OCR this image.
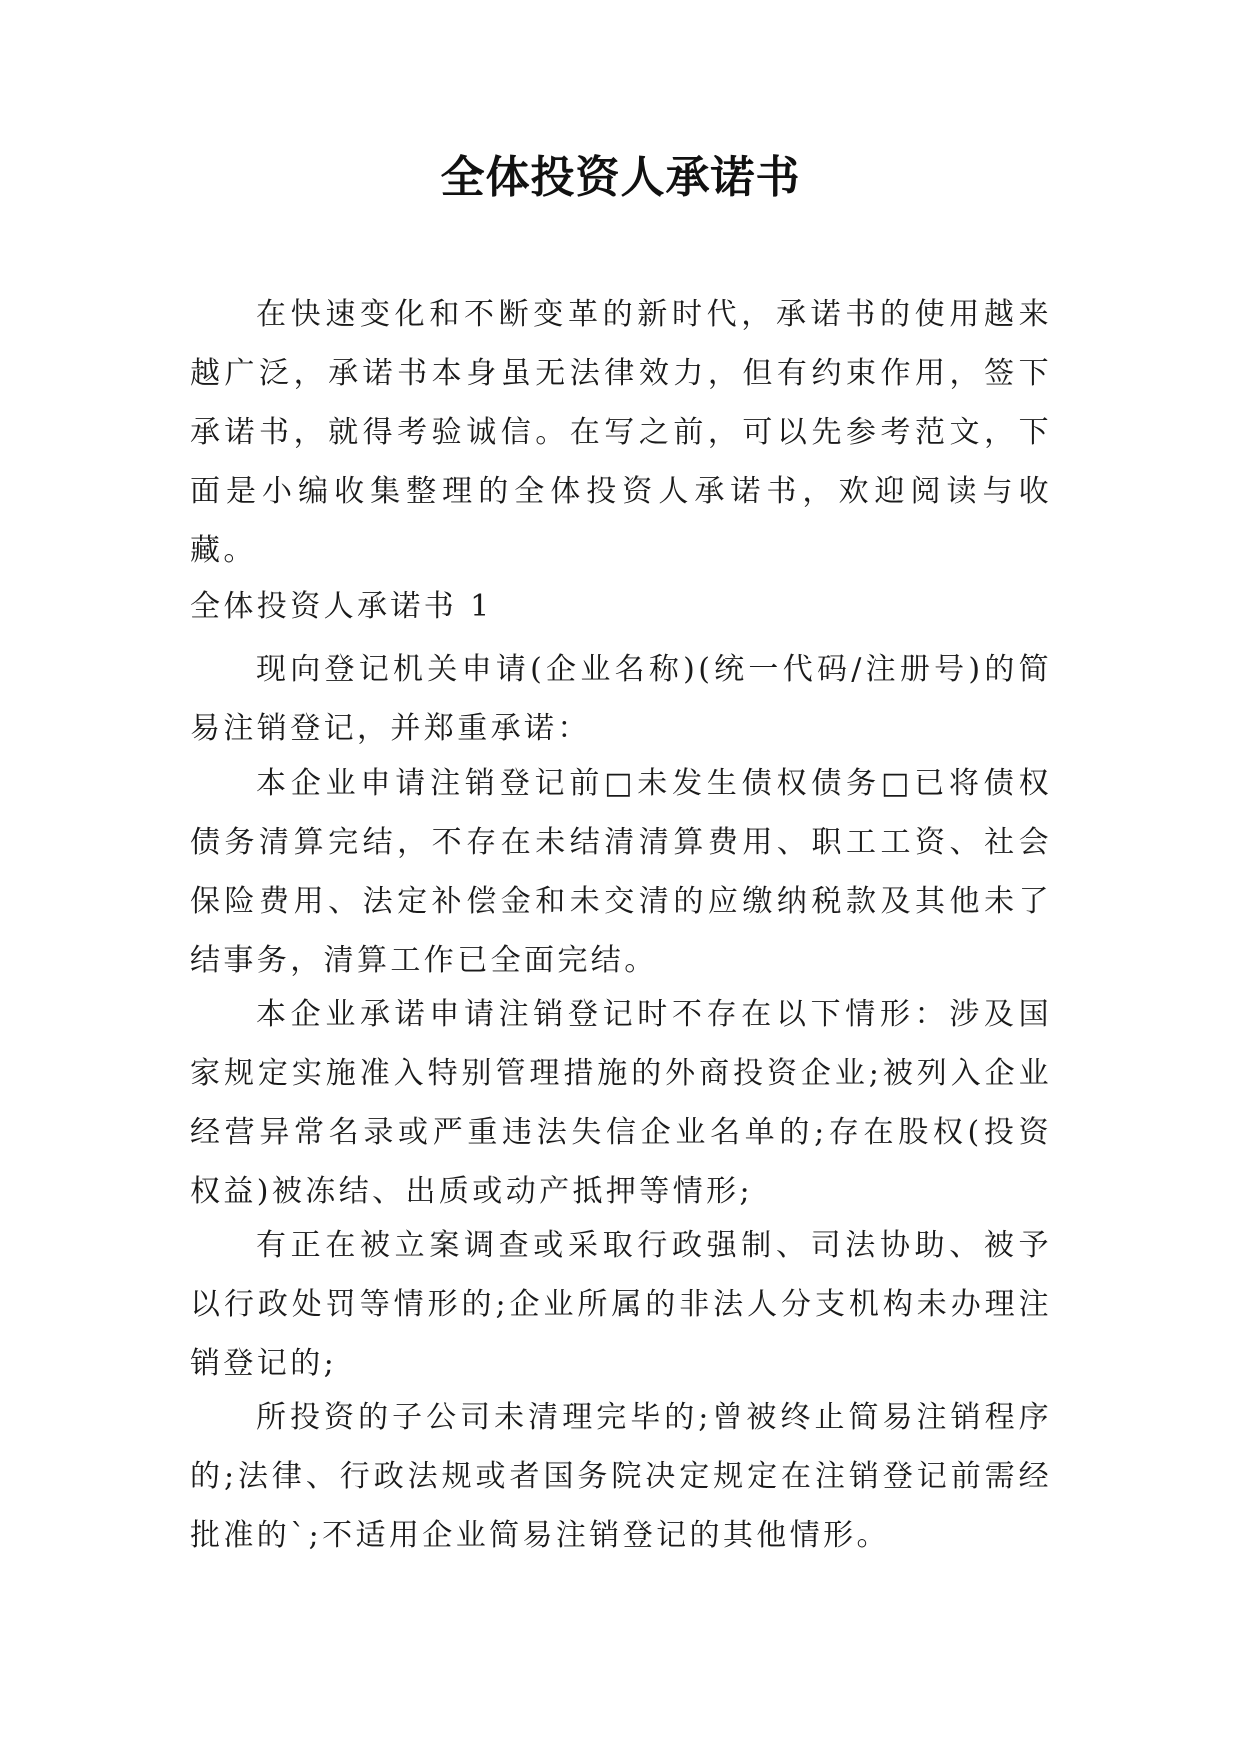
全体投资人承诺书

在快速变化和不断变革的新时代，承诺书的使用越来越广泛，承诺书本身虽无法律效力，但有约束作用，签下承诺书，就得考验诚信。在写之前，可以先参考范文，下面是小编收集整理的全体投资人承诺书，欢迎阅读与收藏。

全体投资人承诺书 1

现向登记机关申请(企业名称)(统一代码/注册号)的简易注销登记，并郑重承诺：

本企业申请注销登记前□未发生债权债务□已将债权债务清算完结，不存在未结清清算费用、职工工资、社会保险费用、法定补偿金和未交清的应缴纳税款及其他未了结事务，清算工作已全面完结。

本企业承诺申请注销登记时不存在以下情形：涉及国家规定实施准入特别管理措施的外商投资企业;被列入企业经营异常名录或严重违法失信企业名单的;存在股权(投资权益)被冻结、出质或动产抵押等情形;

有正在被立案调查或采取行政强制、司法协助、被予以行政处罚等情形的;企业所属的非法人分支机构未办理注销登记的;

所投资的子公司未清理完毕的;曾被终止简易注销程序的;法律、行政法规或者国务院决定规定在注销登记前需经批准的`;不适用企业简易注销登记的其他情形。
